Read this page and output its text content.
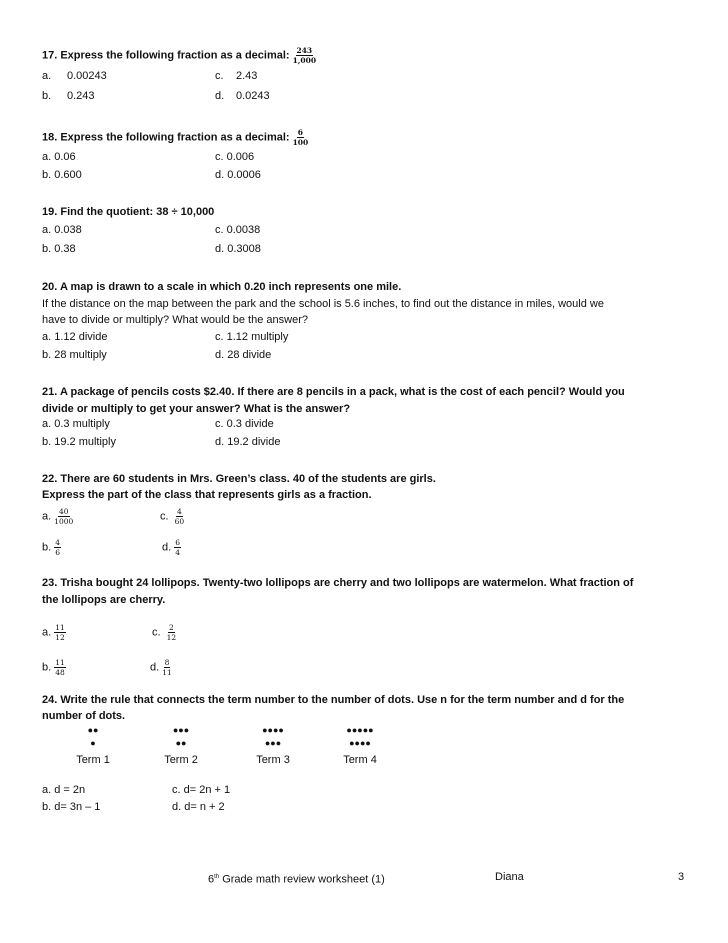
17. Express the following fraction as a decimal: $\frac{243}{1,000}$
a. 0.00243	c. 2.43
b. 0.243	d. 0.0243
18. Express the following fraction as a decimal: $\frac{6}{100}$
a. 0.06	c. 0.006
b. 0.600	d. 0.0006
19. Find the quotient: 38 ÷ 10,000
a. 0.038	c. 0.0038
b. 0.38	d. 0.3008
20. A map is drawn to a scale in which 0.20 inch represents one mile.
If the distance on the map between the park and the school is 5.6 inches, to find out the distance in miles, would we
have to divide or multiply? What would be the answer?
a. 1.12 divide	c. 1.12 multiply
b. 28 multiply	d. 28 divide
21. A package of pencils costs $2.40. If there are 8 pencils in a pack, what is the cost of each pencil? Would you
divide or multiply to get your answer? What is the answer?
a. 0.3 multiply	c. 0.3 divide
b. 19.2 multiply	d. 19.2 divide
22. There are 60 students in Mrs. Green’s class. 40 of the students are girls.
Express the part of the class that represents girls as a fraction.
a. $\frac{40}{1000}$	c. $\frac{4}{60}$
b. $\frac{4}{6}$	d. $\frac{6}{4}$
23. Trisha bought 24 lollipops. Twenty-two lollipops are cherry and two lollipops are watermelon. What fraction of
the lollipops are cherry.
a. $\frac{11}{12}$	c. $\frac{2}{12}$
b. $\frac{11}{48}$	d. $\frac{8}{11}$
24. Write the rule that connects the term number to the number of dots. Use n for the term number and d for the
number of dots.
●●
●
Term 1
●●●
●●
Term 2
●●●●
●●●
Term 3
●●●●●
●●●●
Term 4
a. d = 2n	c. d= 2n + 1
b. d= 3n – 1	d. d= n + 2
6th Grade math review worksheet (1)	Diana	3
